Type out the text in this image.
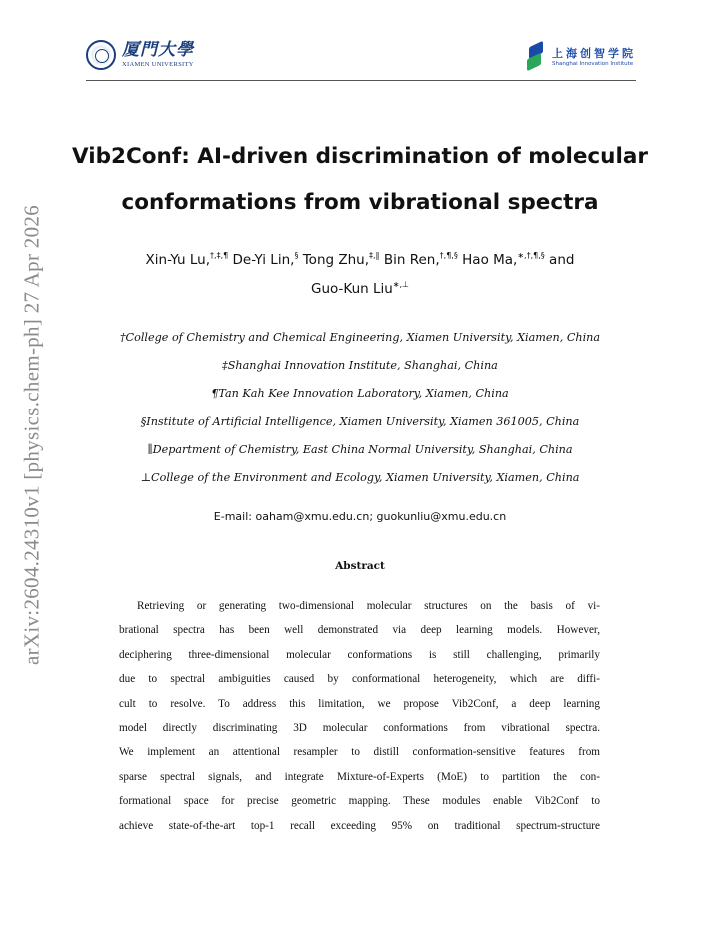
arXiv:2604.24310v1 [physics.chem-ph] 27 Apr 2026
厦門大學
XIAMEN UNIVERSITY
上海创智学院
Shanghai Innovation Institute
Vib2Conf: AI-driven discrimination of molecular
conformations from vibrational spectra
Xin-Yu Lu,†,‡,¶ De-Yi Lin,§ Tong Zhu,‡,∥ Bin Ren,†,¶,§ Hao Ma,∗,†,¶,§ and
Guo-Kun Liu∗,⊥
†College of Chemistry and Chemical Engineering, Xiamen University, Xiamen, China
‡Shanghai Innovation Institute, Shanghai, China
¶Tan Kah Kee Innovation Laboratory, Xiamen, China
§Institute of Artificial Intelligence, Xiamen University, Xiamen 361005, China
∥Department of Chemistry, East China Normal University, Shanghai, China
⊥College of the Environment and Ecology, Xiamen University, Xiamen, China
E-mail: oaham@xmu.edu.cn; guokunliu@xmu.edu.cn
Abstract
Retrieving or generating two-dimensional molecular structures on the basis of vi-
brational spectra has been well demonstrated via deep learning models. However,
deciphering three-dimensional molecular conformations is still challenging, primarily
due to spectral ambiguities caused by conformational heterogeneity, which are diffi-
cult to resolve. To address this limitation, we propose Vib2Conf, a deep learning
model directly discriminating 3D molecular conformations from vibrational spectra.
We implement an attentional resampler to distill conformation-sensitive features from
sparse spectral signals, and integrate Mixture-of-Experts (MoE) to partition the con-
formational space for precise geometric mapping. These modules enable Vib2Conf to
achieve state-of-the-art top-1 recall exceeding 95% on traditional spectrum-structure
